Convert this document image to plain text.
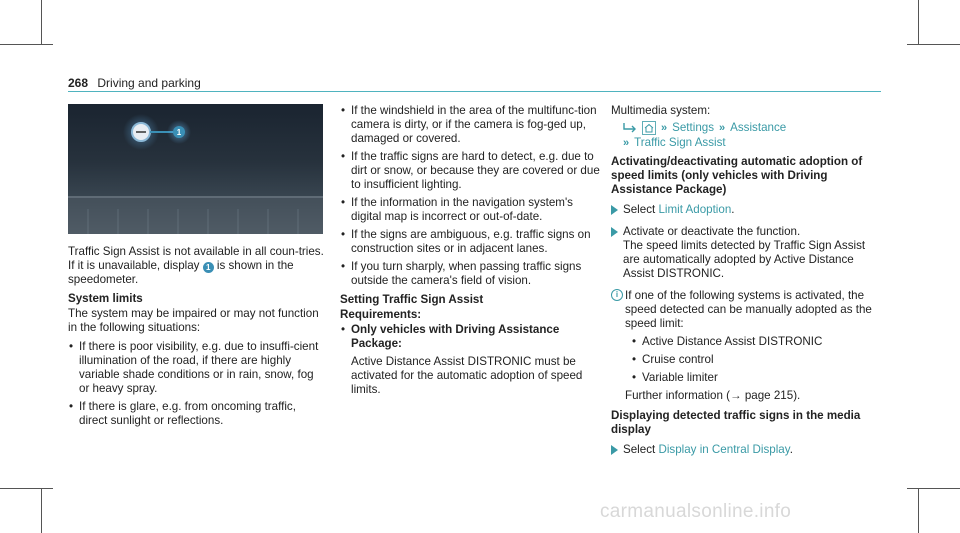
268 Driving and parking
1

Traffic Sign Assist is not available in all coun-tries. If it is unavailable, display 1 is shown in the speedometer.

System limits

The system may be impaired or may not function in the following situations:

• If there is poor visibility, e.g. due to insuffi-cient illumination of the road, if there are highly variable shade conditions or in rain, snow, fog or heavy spray.
• If there is glare, e.g. from oncoming traffic, direct sunlight or reflections.
• If the windshield in the area of the multifunc-tion camera is dirty, or if the camera is fog-ged up, damaged or covered.
• If the traffic signs are hard to detect, e.g. due to dirt or snow, or because they are covered or due to insufficient lighting.
• If the information in the navigation system's digital map is incorrect or out-of-date.
• If the signs are ambiguous, e.g. traffic signs on construction sites or in adjacent lanes.
• If you turn sharply, when passing traffic signs outside the camera's field of vision.
Setting Traffic Sign Assist
Requirements:
• Only vehicles with Driving Assistance Package:
Active Distance Assist DISTRONIC must be activated for the automatic adoption of speed limits.

Multimedia system:

» Settings » Assistance
» Traffic Sign Assist
Activating/deactivating automatic adoption of speed limits (only vehicles with Driving Assistance Package)
Select Limit Adoption.
Activate or deactivate the function.
The speed limits detected by Traffic Sign Assist are automatically adopted by Active Distance Assist DISTRONIC.
i If one of the following systems is activated, the speed detected can be manually adopted as the speed limit:
• Active Distance Assist DISTRONIC
• Cruise control
• Variable limiter
Further information (→ page 215).
Displaying detected traffic signs in the media display
Select Display in Central Display.
carmanualsonline.info
